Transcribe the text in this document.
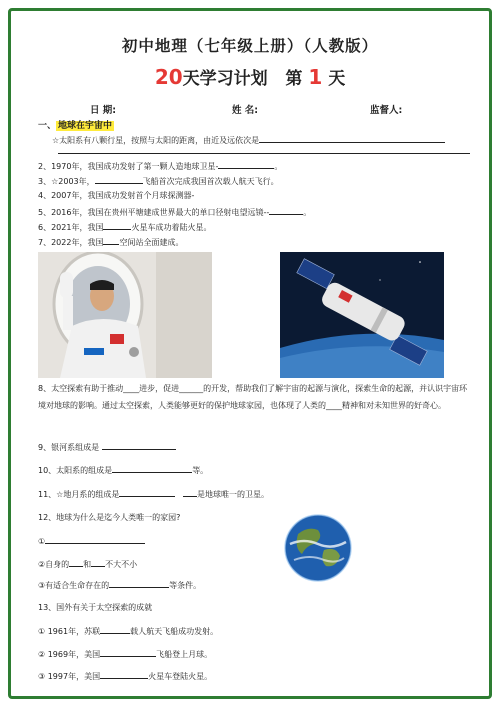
初中地理（七年级上册）（人教版）
20天学习计划 第 1 天
日 期:	姓 名:	监督人:
一、 地球在宇宙中
☆太阳系有八颗行星，按照与太阳的距离，由近及远依次是
2、1970年，我国成功发射了第一颗人造地球卫星-	。
3、☆2003年，	飞船首次完成我国首次载人航天飞行。
4、2007年，我国成功发射首个月球探测器-
5、2016年，我国在贵州平塘建成世界最大的单口径射电望远镜--	。
6、2021年，我国	火星车成功着陆火星。
7、2022年，我国 空间站全面建成。
8、太空探索有助于推动____进步，促进______的开发，帮助我们了解宇宙的起源与演化，探索生命的起源，并认识宇宙环境对地球的影响。通过太空探索，人类能够更好的保护地球家园，也体现了人类的____精神和对未知世界的好奇心。
9、银河系组成是
10、太阳系的组成是	等。
11、☆地月系的组成是	是地球唯一的卫星。
12、地球为什么是迄今人类唯一的家园?
①
②自身的 和 不大不小
③有适合生命存在的	等条件。
13、国外有关于太空探索的成就
① 1961年，苏联	载人航天飞船成功发射。
② 1969年，美国	飞船登上月球。
③ 1997年，美国	火星车登陆火星。
